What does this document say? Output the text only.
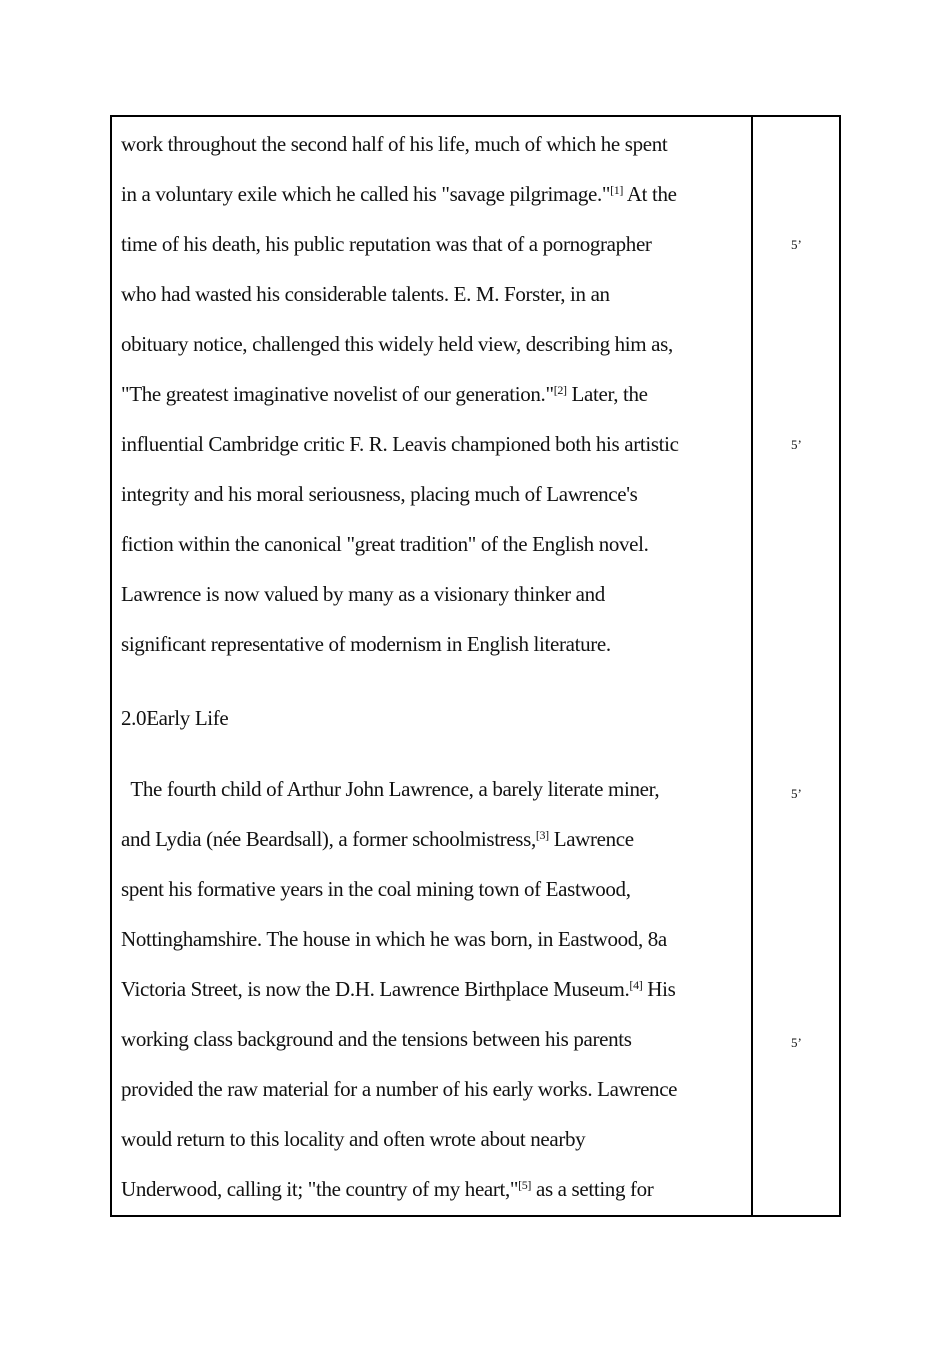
work throughout the second half of his life, much of which he spent
in a voluntary exile which he called his "savage pilgrimage."[1] At the
time of his death, his public reputation was that of a pornographer
who had wasted his considerable talents. E. M. Forster, in an
obituary notice, challenged this widely held view, describing him as,
"The greatest imaginative novelist of our generation."[2] Later, the
influential Cambridge critic F. R. Leavis championed both his artistic
integrity and his moral seriousness, placing much of Lawrence's
fiction within the canonical "great tradition" of the English novel.
Lawrence is now valued by many as a visionary thinker and
significant representative of modernism in English literature.
2.0Early Life
The fourth child of Arthur John Lawrence, a barely literate miner,
and Lydia (née Beardsall), a former schoolmistress,[3] Lawrence
spent his formative years in the coal mining town of Eastwood,
Nottinghamshire. The house in which he was born, in Eastwood, 8a
Victoria Street, is now the D.H. Lawrence Birthplace Museum.[4] His
working class background and the tensions between his parents
provided the raw material for a number of his early works. Lawrence
would return to this locality and often wrote about nearby
Underwood, calling it; "the country of my heart,"[5] as a setting for
5’
5’
5’
5’
